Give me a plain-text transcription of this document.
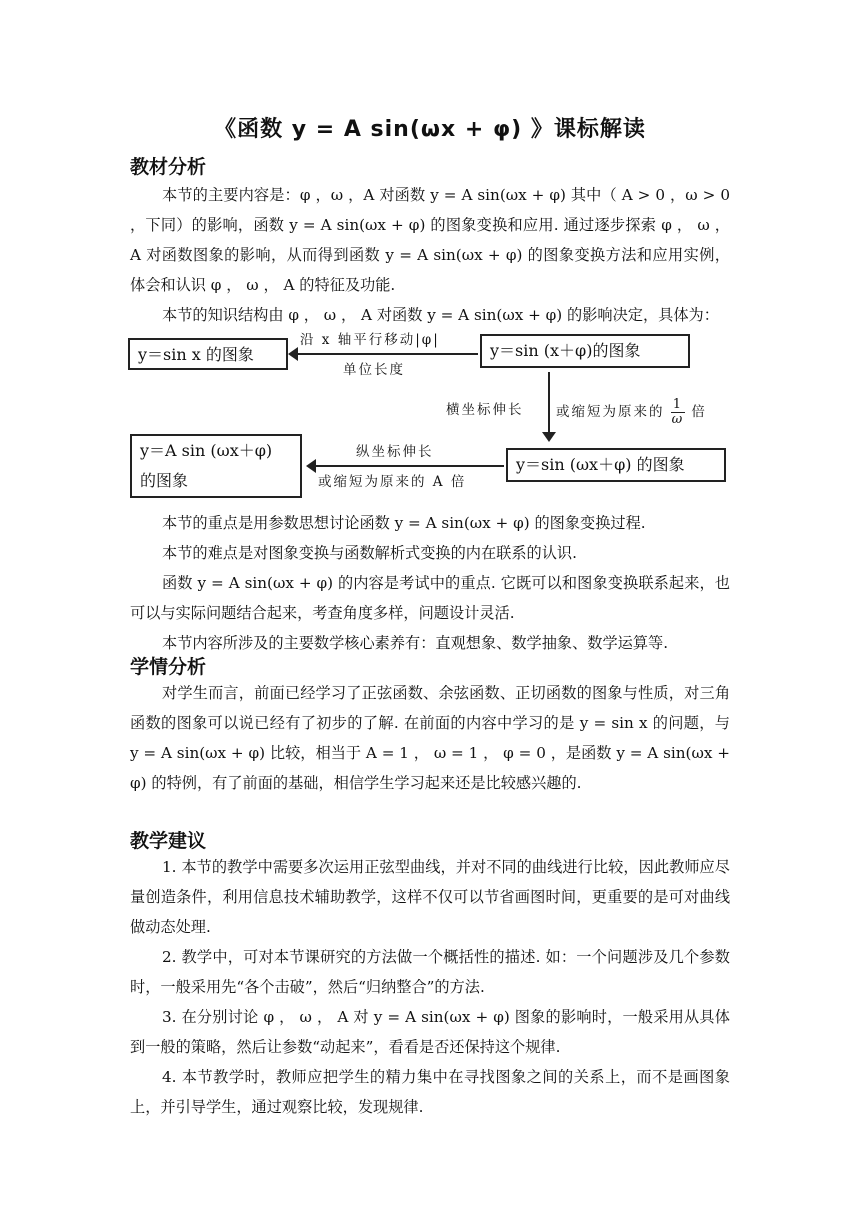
《函数 y = A sin(ωx + φ) 》课标解读
教材分析

本节的主要内容是：φ ，ω ，A 对函数 y = A sin(ωx + φ) 其中（ A > 0 ，ω > 0 ，下同）的影响，函数 y = A sin(ωx + φ) 的图象变换和应用. 通过逐步探索 φ ， ω ，A 对函数图象的影响，从而得到函数 y = A sin(ωx + φ) 的图象变换方法和应用实例，体会和认识 φ ， ω ， A 的特征及功能.

本节的知识结构由 φ ， ω ， A 对函数 y = A sin(ωx + φ) 的影响决定，具体为：

y＝sin x 的图象	y＝sin (x＋φ)的图象
沿 x 轴平行移动|φ|
单位长度
横坐标伸长 或缩短为原来的 $\frac{1}{\omega}$ 倍
y＝A sin (ωx＋φ)
的图象
y＝sin (ωx＋φ) 的图象
纵坐标伸长
或缩短为原来的 A 倍

本节的重点是用参数思想讨论函数 y = A sin(ωx + φ) 的图象变换过程.

本节的难点是对图象变换与函数解析式变换的内在联系的认识.

函数 y = A sin(ωx + φ) 的内容是考试中的重点. 它既可以和图象变换联系起来，也可以与实际问题结合起来，考查角度多样，问题设计灵活.

本节内容所涉及的主要数学核心素养有：直观想象、数学抽象、数学运算等.

学情分析

对学生而言，前面已经学习了正弦函数、余弦函数、正切函数的图象与性质，对三角函数的图象可以说已经有了初步的了解. 在前面的内容中学习的是 y = sin x 的问题，与 y = A sin(ωx + φ) 比较，相当于 A = 1 ， ω = 1 ， φ = 0 ，是函数 y = A sin(ωx + φ) 的特例，有了前面的基础，相信学生学习起来还是比较感兴趣的.

教学建议

1. 本节的教学中需要多次运用正弦型曲线，并对不同的曲线进行比较，因此教师应尽量创造条件，利用信息技术辅助教学，这样不仅可以节省画图时间，更重要的是可对曲线做动态处理.

2. 教学中，可对本节课研究的方法做一个概括性的描述. 如：一个问题涉及几个参数时，一般采用先“各个击破”，然后“归纳整合”的方法.

3. 在分别讨论 φ ， ω ， A 对 y = A sin(ωx + φ) 图象的影响时，一般采用从具体到一般的策略，然后让参数“动起来”，看看是否还保持这个规律.

4. 本节教学时，教师应把学生的精力集中在寻找图象之间的关系上，而不是画图象上，并引导学生，通过观察比较，发现规律.
